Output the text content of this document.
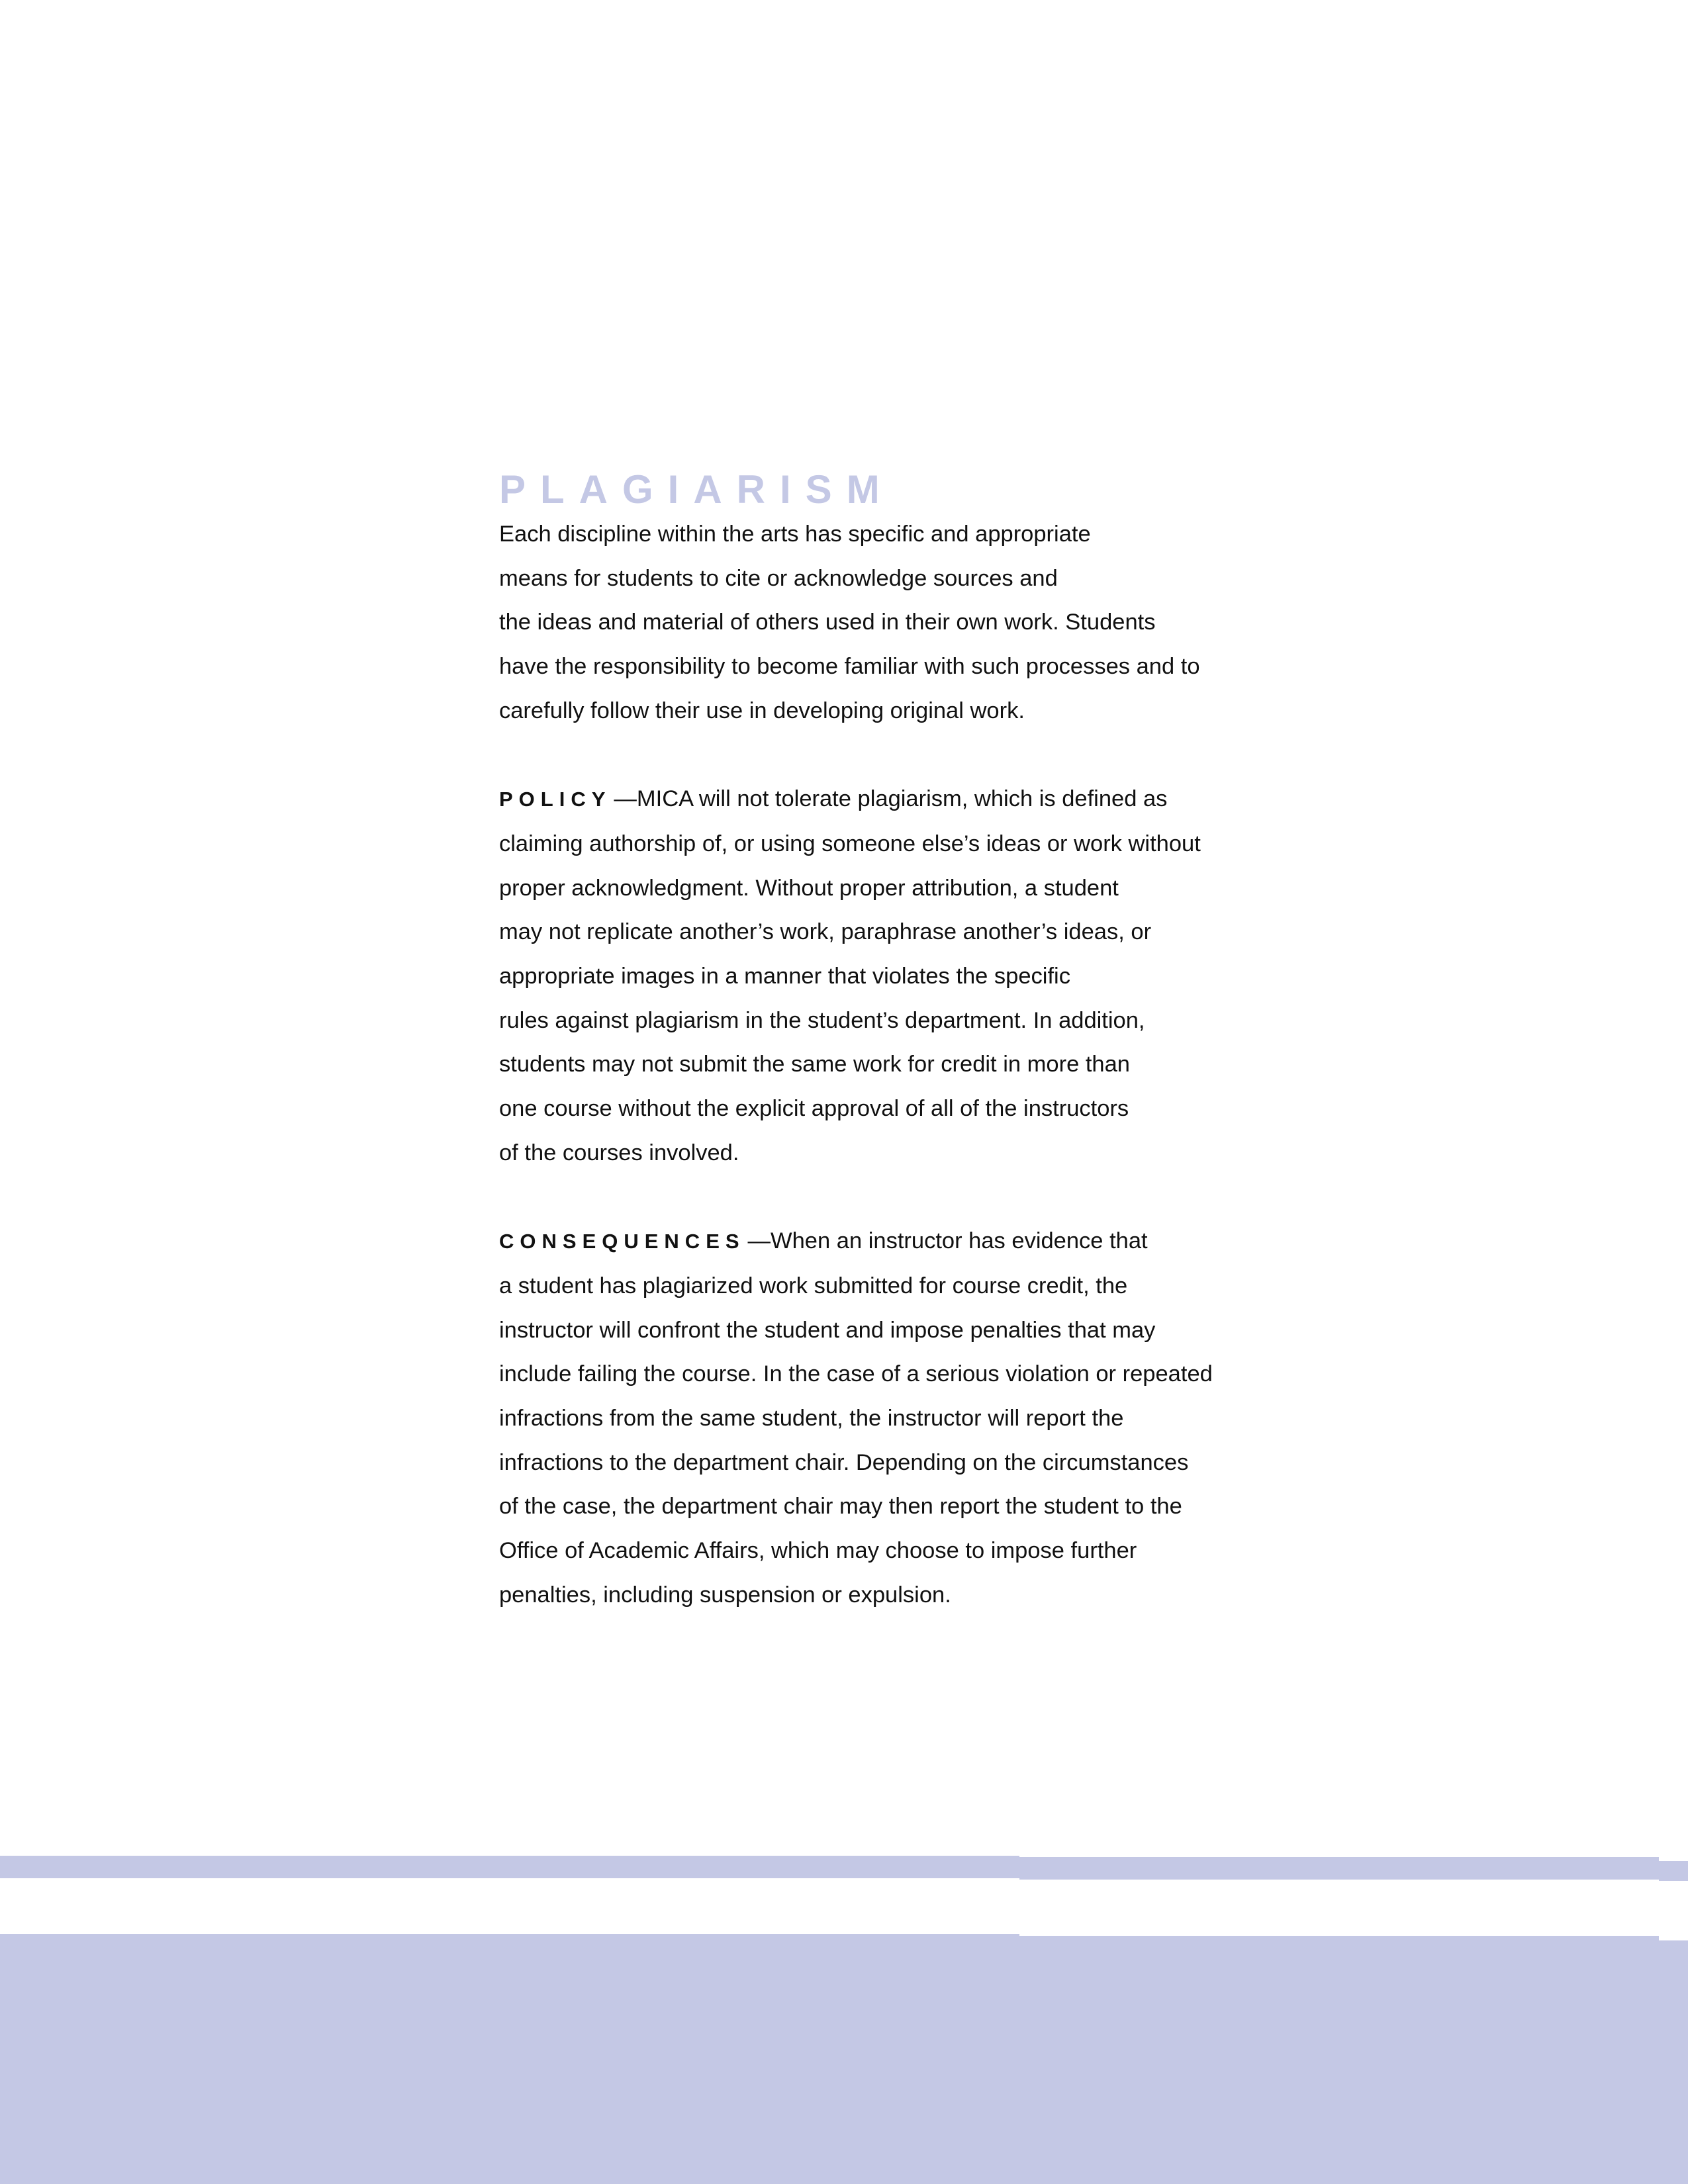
PLAGIARISM

Each discipline within the arts has specific and appropriate
means for students to cite or acknowledge sources and
the ideas and material of others used in their own work. Students
have the responsibility to become familiar with such processes and to
carefully follow their use in developing original work.

POLICY —MICA will not tolerate plagiarism, which is defined as
claiming authorship of, or using someone else’s ideas or work without
proper acknowledgment. Without proper attribution, a student
may not replicate another’s work, paraphrase another’s ideas, or
appropriate images in a manner that violates the specific
rules against plagiarism in the student’s department. In addition,
students may not submit the same work for credit in more than
one course without the explicit approval of all of the instructors
of the courses involved.

CONSEQUENCES —When an instructor has evidence that
a student has plagiarized work submitted for course credit, the
instructor will confront the student and impose penalties that may
include failing the course. In the case of a serious violation or repeated
infractions from the same student, the instructor will report the
infractions to the department chair. Depending on the circumstances
of the case, the department chair may then report the student to the
Office of Academic Affairs, which may choose to impose further
penalties, including suspension or expulsion.
